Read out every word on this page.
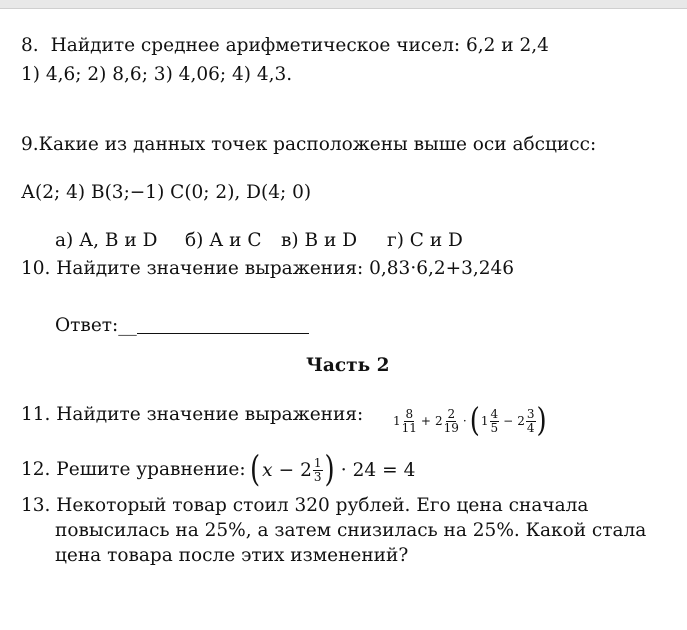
8. Найдите среднее арифметическое чисел: 6,2 и 2,4
1) 4,6; 2) 8,6; 3) 4,06; 4) 4,3.
9.Какие из данных точек расположены выше оси абсцисс:
А(2; 4) В(3;−1) С(0; 2), D(4; 0)
а) А, В и D б) А и С в) В и D г) С и D
10. Найдите значение выражения: 0,83·6,2+3,246
Ответ:__
Часть 2
11. Найдите значение выражения: $1 \frac{8}{11} + 2 \frac{2}{19}$ · ( $1 \frac{4}{5} - 2 \frac{3}{4}$ )
12. Решите уравнение: ( $x - 2 \frac{1}{3}$ ) · 24 = 4
13. Некоторый товар стоил 320 рублей. Его цена сначала
повысилась на 25%, а затем снизилась на 25%. Какой стала
цена товара после этих изменений?
